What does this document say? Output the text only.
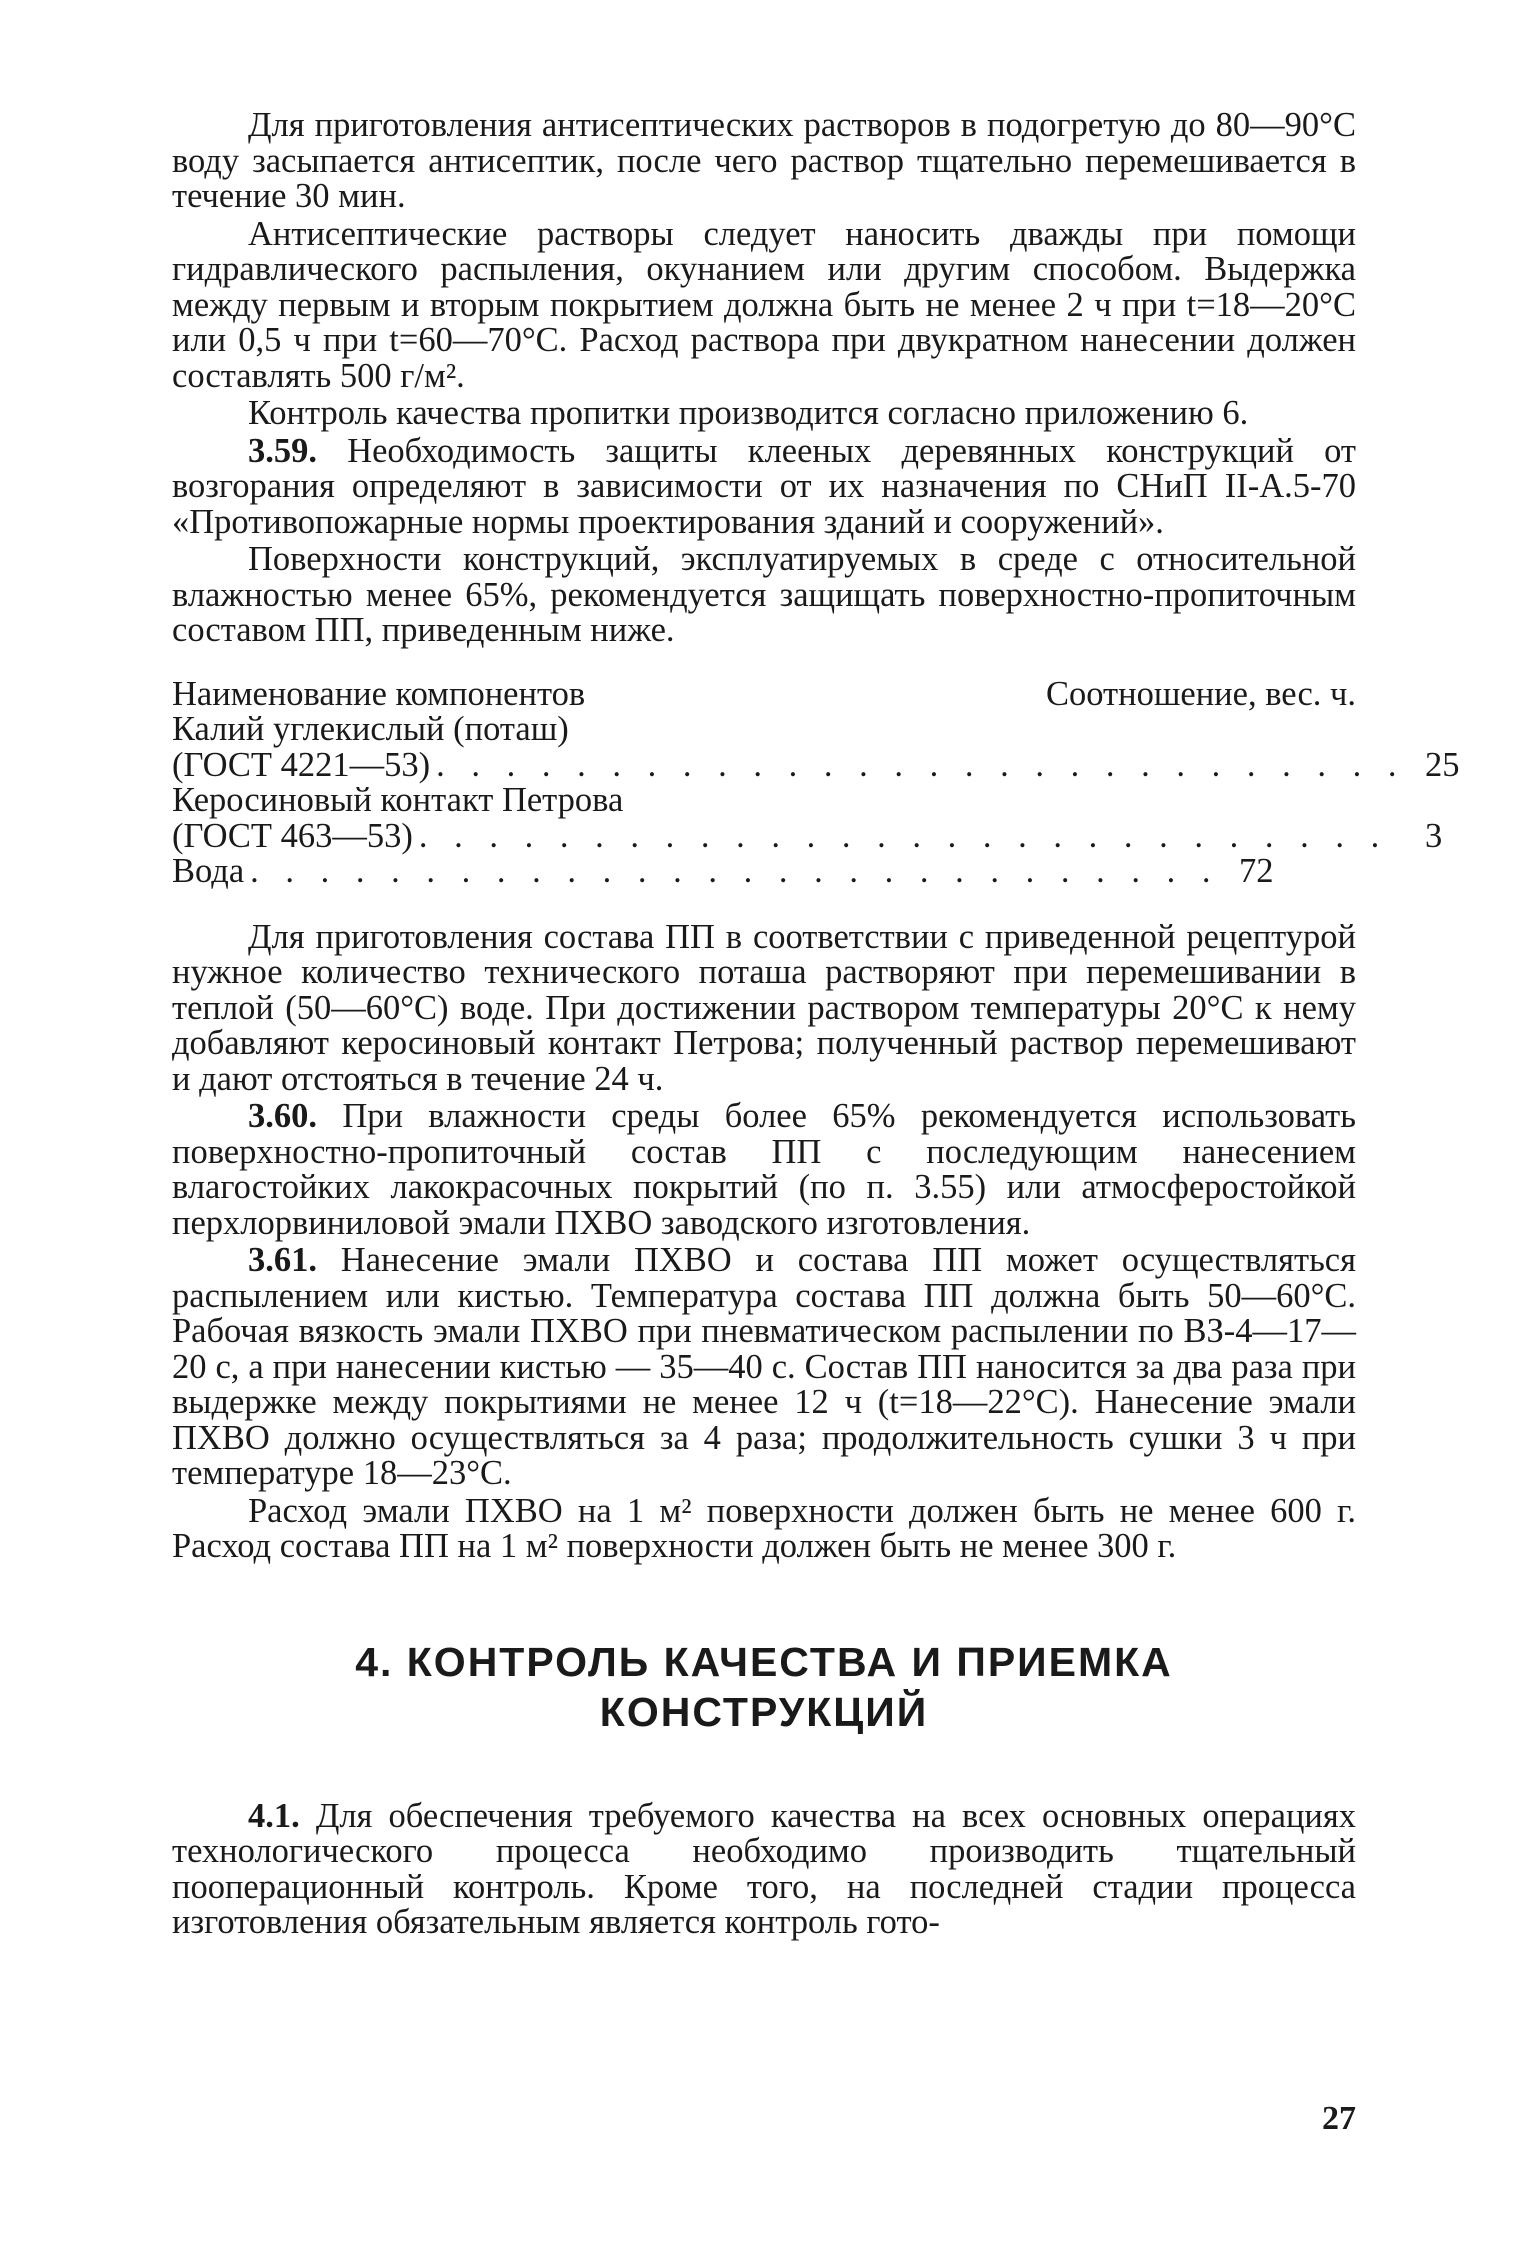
Для приготовления антисептических растворов в подогретую до 80—90°C воду засыпается антисептик, после чего раствор тщательно перемешивается в течение 30 мин.

Антисептические растворы следует наносить дважды при помощи гидравлического распыления, окунанием или другим способом. Выдержка между первым и вторым покрытием должна быть не менее 2 ч при t=18—20°C или 0,5 ч при t=60—70°C. Расход раствора при двукратном нанесении должен составлять 500 г/м².

Контроль качества пропитки производится согласно приложению 6.

3.59. Необходимость защиты клееных деревянных конструкций от возгорания определяют в зависимости от их назначения по СНиП II-А.5-70 «Противопожарные нормы проектирования зданий и сооружений».

Поверхности конструкций, эксплуатируемых в среде с относительной влажностью менее 65%, рекомендуется защищать поверхностно-пропиточным составом ПП, приведенным ниже.

Наименование компонентов	Соотношение, вес. ч.
Калий углекислый (поташ)
(ГОСТ 4221—53) . . . . . . . . . . . . . . . . . . . . . . . . . . . . 25
Керосиновый контакт Петрова
(ГОСТ 463—53) . . . . . . . . . . . . . . . . . . . . . . . . . . . .	3
Вода . . . . . . . . . . . . . . . . . . . . . . . . . . . . 72

Для приготовления состава ПП в соответствии с приведенной рецептурой нужное количество технического поташа растворяют при перемешивании в теплой (50—60°C) воде. При достижении раствором температуры 20°C к нему добавляют керосиновый контакт Петрова; полученный раствор перемешивают и дают отстояться в течение 24 ч.

3.60. При влажности среды более 65% рекомендуется использовать поверхностно-пропиточный состав ПП с последующим нанесением влагостойких лакокрасочных покрытий (по п. 3.55) или атмосферостойкой перхлорвиниловой эмали ПХВО заводского изготовления.

3.61. Нанесение эмали ПХВО и состава ПП может осуществляться распылением или кистью. Температура состава ПП должна быть 50—60°C. Рабочая вязкость эмали ПХВО при пневматическом распылении по ВЗ-4—17—20 с, а при нанесении кистью — 35—40 с. Состав ПП наносится за два раза при выдержке между покрытиями не менее 12 ч (t=18—22°C). Нанесение эмали ПХВО должно осуществляться за 4 раза; продолжительность сушки 3 ч при температуре 18—23°C.

Расход эмали ПХВО на 1 м² поверхности должен быть не менее 600 г. Расход состава ПП на 1 м² поверхности должен быть не менее 300 г.

4. КОНТРОЛЬ КАЧЕСТВА И ПРИЕМКА
КОНСТРУКЦИЙ

4.1. Для обеспечения требуемого качества на всех основных операциях технологического процесса необходимо производить тщательный пооперационный контроль. Кроме того, на последней стадии процесса изготовления обязательным является контроль гото-

27
